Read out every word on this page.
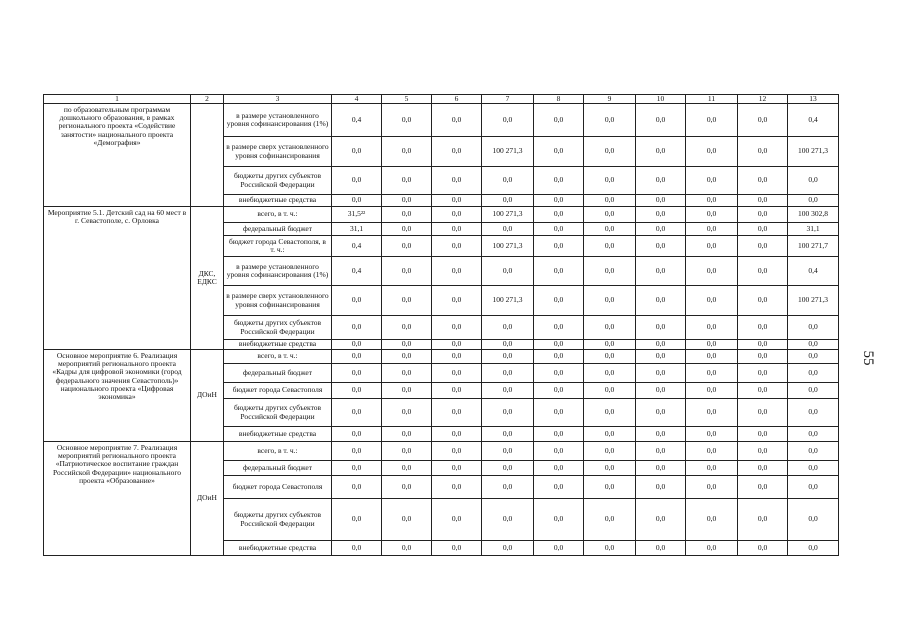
1	2	3	4	5	6	7	8	9	10	11	12	13
по образовательным программам дошкольного образования, в рамках регионального проекта «Содействие занятости» национального проекта «Демография»		в размере установленного уровня софинансирования (1%)	0,4	0,0	0,0	0,0	0,0	0,0	0,0	0,0	0,0	0,4
		в размере сверх установленного уровня софинансирования	0,0	0,0	0,0	100 271,3	0,0	0,0	0,0	0,0	0,0	100 271,3
		бюджеты других субъектов Российской Федерации	0,0	0,0	0,0	0,0	0,0	0,0	0,0	0,0	0,0	0,0
		внебюджетные средства	0,0	0,0	0,0	0,0	0,0	0,0	0,0	0,0	0,0	0,0
Мероприятие 5.1. Детский сад на 60 мест в г. Севастополе, с. Орловка	ДКС, ЕДКС	всего, в т. ч.:	31,5²²	0,0	0,0	100 271,3	0,0	0,0	0,0	0,0	0,0	100 302,8
		федеральный бюджет	31,1	0,0	0,0	0,0	0,0	0,0	0,0	0,0	0,0	31,1
		бюджет города Севастополя, в т. ч.:	0,4	0,0	0,0	100 271,3	0,0	0,0	0,0	0,0	0,0	100 271,7
		в размере установленного уровня софинансирования (1%)	0,4	0,0	0,0	0,0	0,0	0,0	0,0	0,0	0,0	0,4
		в размере сверх установленного уровня софинансирования	0,0	0,0	0,0	100 271,3	0,0	0,0	0,0	0,0	0,0	100 271,3
		бюджеты других субъектов Российской Федерации	0,0	0,0	0,0	0,0	0,0	0,0	0,0	0,0	0,0	0,0
		внебюджетные средства	0,0	0,0	0,0	0,0	0,0	0,0	0,0	0,0	0,0	0,0
Основное мероприятие 6. Реализация мероприятий регионального проекта «Кадры для цифровой экономики (город федерального значения Севастополь)» национального проекта «Цифровая экономика»	ДОиН	всего, в т. ч.:	0,0	0,0	0,0	0,0	0,0	0,0	0,0	0,0	0,0	0,0
		федеральный бюджет	0,0	0,0	0,0	0,0	0,0	0,0	0,0	0,0	0,0	0,0
		бюджет города Севастополя	0,0	0,0	0,0	0,0	0,0	0,0	0,0	0,0	0,0	0,0
		бюджеты других субъектов Российской Федерации	0,0	0,0	0,0	0,0	0,0	0,0	0,0	0,0	0,0	0,0
		внебюджетные средства	0,0	0,0	0,0	0,0	0,0	0,0	0,0	0,0	0,0	0,0
Основное мероприятие 7. Реализация мероприятий регионального проекта «Патриотическое воспитание граждан Российской Федерации» национального проекта «Образование»	ДОиН	всего, в т. ч.:	0,0	0,0	0,0	0,0	0,0	0,0	0,0	0,0	0,0	0,0
		федеральный бюджет	0,0	0,0	0,0	0,0	0,0	0,0	0,0	0,0	0,0	0,0
		бюджет города Севастополя	0,0	0,0	0,0	0,0	0,0	0,0	0,0	0,0	0,0	0,0
		бюджеты других субъектов Российской Федерации	0,0	0,0	0,0	0,0	0,0	0,0	0,0	0,0	0,0	0,0
		внебюджетные средства	0,0	0,0	0,0	0,0	0,0	0,0	0,0	0,0	0,0	0,0
55
